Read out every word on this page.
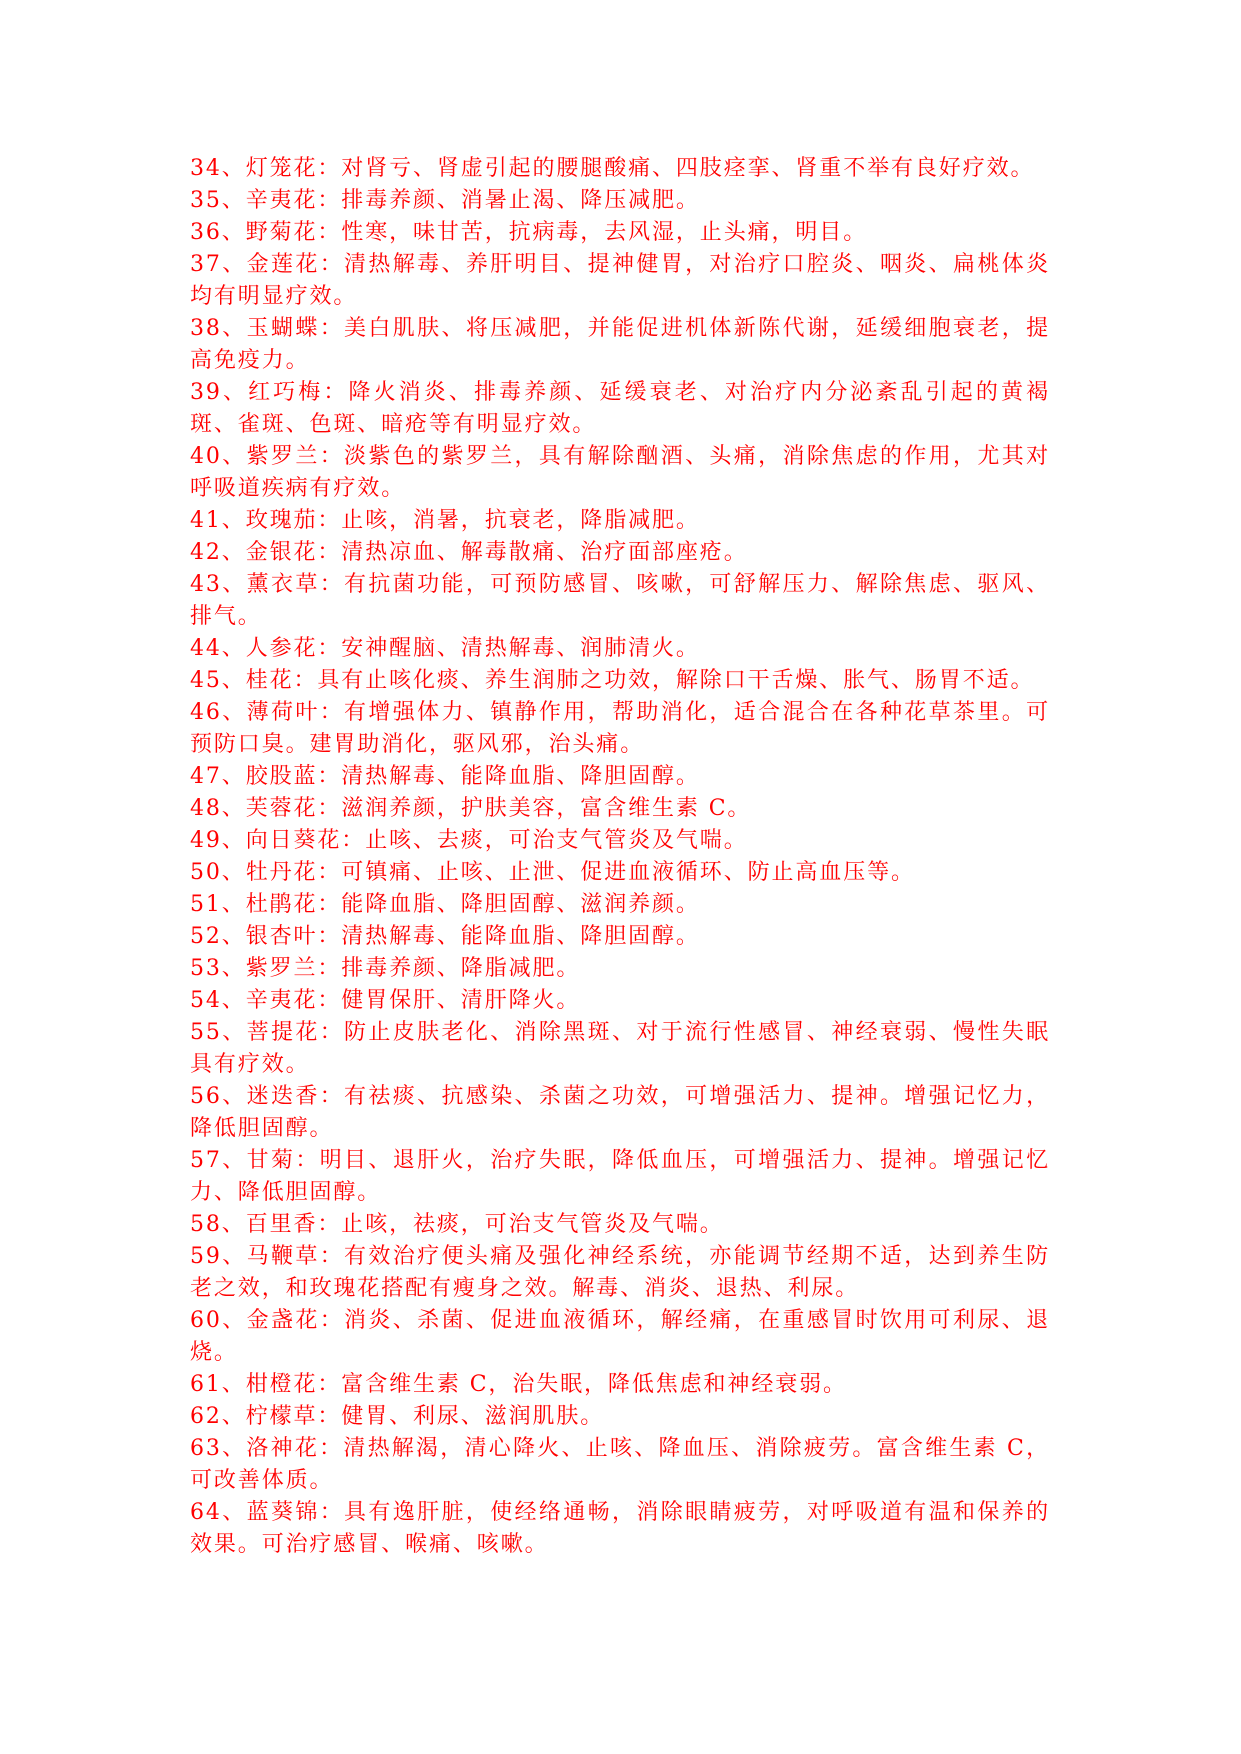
34、灯笼花：对肾亏、肾虚引起的腰腿酸痛、四肢痉挛、肾重不举有良好疗效。

35、辛夷花：排毒养颜、消暑止渴、降压减肥。

36、野菊花：性寒，味甘苦，抗病毒，去风湿，止头痛，明目。

37、金莲花：清热解毒、养肝明目、提神健胃，对治疗口腔炎、咽炎、扁桃体炎均有明显疗效。

38、玉蝴蝶：美白肌肤、将压减肥，并能促进机体新陈代谢，延缓细胞衰老，提高免疫力。

39、红巧梅：降火消炎、排毒养颜、延缓衰老、对治疗内分泌紊乱引起的黄褐斑、雀斑、色斑、暗疮等有明显疗效。

40、紫罗兰：淡紫色的紫罗兰，具有解除酗酒、头痛，消除焦虑的作用，尤其对呼吸道疾病有疗效。

41、玫瑰茄：止咳，消暑，抗衰老，降脂减肥。

42、金银花：清热凉血、解毒散痛、治疗面部座疮。

43、薰衣草：有抗菌功能，可预防感冒、咳嗽，可舒解压力、解除焦虑、驱风、排气。

44、人参花：安神醒脑、清热解毒、润肺清火。

45、桂花：具有止咳化痰、养生润肺之功效，解除口干舌燥、胀气、肠胃不适。

46、薄荷叶：有增强体力、镇静作用，帮助消化，适合混合在各种花草茶里。可预防口臭。建胃助消化，驱风邪，治头痛。

47、胶股蓝：清热解毒、能降血脂、降胆固醇。

48、芙蓉花：滋润养颜，护肤美容，富含维生素 C。

49、向日葵花：止咳、去痰，可治支气管炎及气喘。

50、牡丹花：可镇痛、止咳、止泄、促进血液循环、防止高血压等。

51、杜鹃花：能降血脂、降胆固醇、滋润养颜。

52、银杏叶：清热解毒、能降血脂、降胆固醇。

53、紫罗兰：排毒养颜、降脂减肥。

54、辛夷花：健胃保肝、清肝降火。

55、菩提花：防止皮肤老化、消除黑斑、对于流行性感冒、神经衰弱、慢性失眠具有疗效。

56、迷迭香：有祛痰、抗感染、杀菌之功效，可增强活力、提神。增强记忆力，降低胆固醇。

57、甘菊：明目、退肝火，治疗失眠，降低血压，可增强活力、提神。增强记忆力、降低胆固醇。

58、百里香：止咳，祛痰，可治支气管炎及气喘。

59、马鞭草：有效治疗便头痛及强化神经系统，亦能调节经期不适，达到养生防老之效，和玫瑰花搭配有瘦身之效。解毒、消炎、退热、利尿。

60、金盏花：消炎、杀菌、促进血液循环，解经痛，在重感冒时饮用可利尿、退烧。

61、柑橙花：富含维生素 C，治失眠，降低焦虑和神经衰弱。

62、柠檬草：健胃、利尿、滋润肌肤。

63、洛神花：清热解渴，清心降火、止咳、降血压、消除疲劳。富含维生素 C，可改善体质。

64、蓝葵锦：具有逸肝脏，使经络通畅，消除眼睛疲劳，对呼吸道有温和保养的效果。可治疗感冒、喉痛、咳嗽。
